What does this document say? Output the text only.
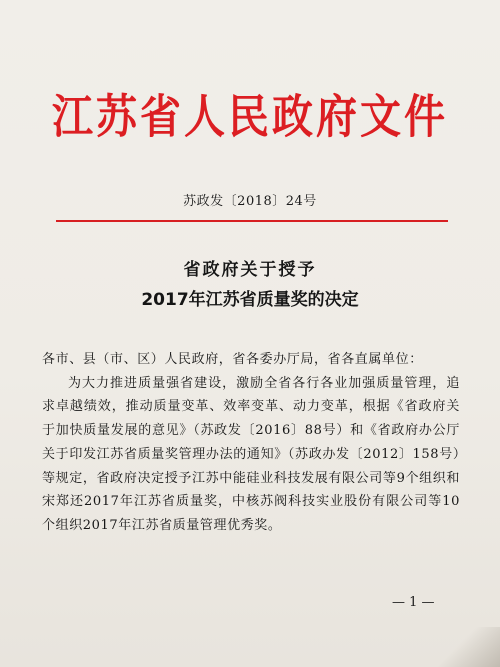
江苏省人民政府文件
苏政发〔2018〕24号
省政府关于授予
2017年江苏省质量奖的决定

各市、县（市、区）人民政府，省各委办厅局，省各直属单位：

为大力推进质量强省建设，激励全省各行各业加强质量管理，追求卓越绩效，推动质量变革、效率变革、动力变革，根据《省政府关于加快质量发展的意见》（苏政发〔2016〕88号）和《省政府办公厅关于印发江苏省质量奖管理办法的通知》（苏政办发〔2012〕158号）等规定，省政府决定授予江苏中能硅业科技发展有限公司等9个组织和宋郑还2017年江苏省质量奖，中核苏阀科技实业股份有限公司等10个组织2017年江苏省质量管理优秀奖。

— 1 —
